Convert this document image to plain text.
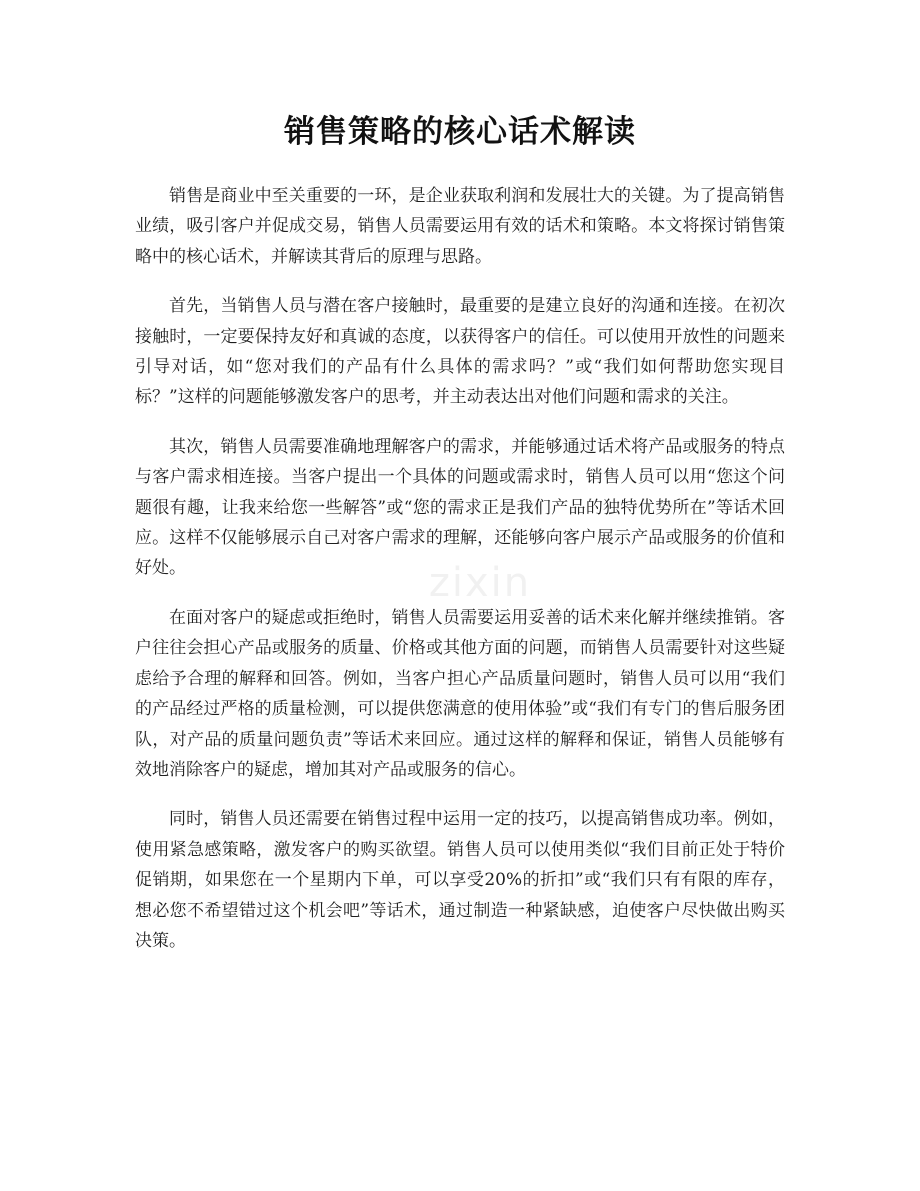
zixin
销售策略的核心话术解读

销售是商业中至关重要的一环，是企业获取利润和发展壮大的关键。为了提高销售业绩，吸引客户并促成交易，销售人员需要运用有效的话术和策略。本文将探讨销售策略中的核心话术，并解读其背后的原理与思路。

首先，当销售人员与潜在客户接触时，最重要的是建立良好的沟通和连接。在初次接触时，一定要保持友好和真诚的态度，以获得客户的信任。可以使用开放性的问题来引导对话，如“您对我们的产品有什么具体的需求吗？”或“我们如何帮助您实现目标？”这样的问题能够激发客户的思考，并主动表达出对他们问题和需求的关注。

其次，销售人员需要准确地理解客户的需求，并能够通过话术将产品或服务的特点与客户需求相连接。当客户提出一个具体的问题或需求时，销售人员可以用“您这个问题很有趣，让我来给您一些解答”或“您的需求正是我们产品的独特优势所在”等话术回应。这样不仅能够展示自己对客户需求的理解，还能够向客户展示产品或服务的价值和好处。

在面对客户的疑虑或拒绝时，销售人员需要运用妥善的话术来化解并继续推销。客户往往会担心产品或服务的质量、价格或其他方面的问题，而销售人员需要针对这些疑虑给予合理的解释和回答。例如，当客户担心产品质量问题时，销售人员可以用“我们的产品经过严格的质量检测，可以提供您满意的使用体验”或“我们有专门的售后服务团队，对产品的质量问题负责”等话术来回应。通过这样的解释和保证，销售人员能够有效地消除客户的疑虑，增加其对产品或服务的信心。

同时，销售人员还需要在销售过程中运用一定的技巧，以提高销售成功率。例如，使用紧急感策略，激发客户的购买欲望。销售人员可以使用类似“我们目前正处于特价促销期，如果您在一个星期内下单，可以享受20%的折扣”或“我们只有有限的库存，想必您不希望错过这个机会吧”等话术，通过制造一种紧缺感，迫使客户尽快做出购买决策。
